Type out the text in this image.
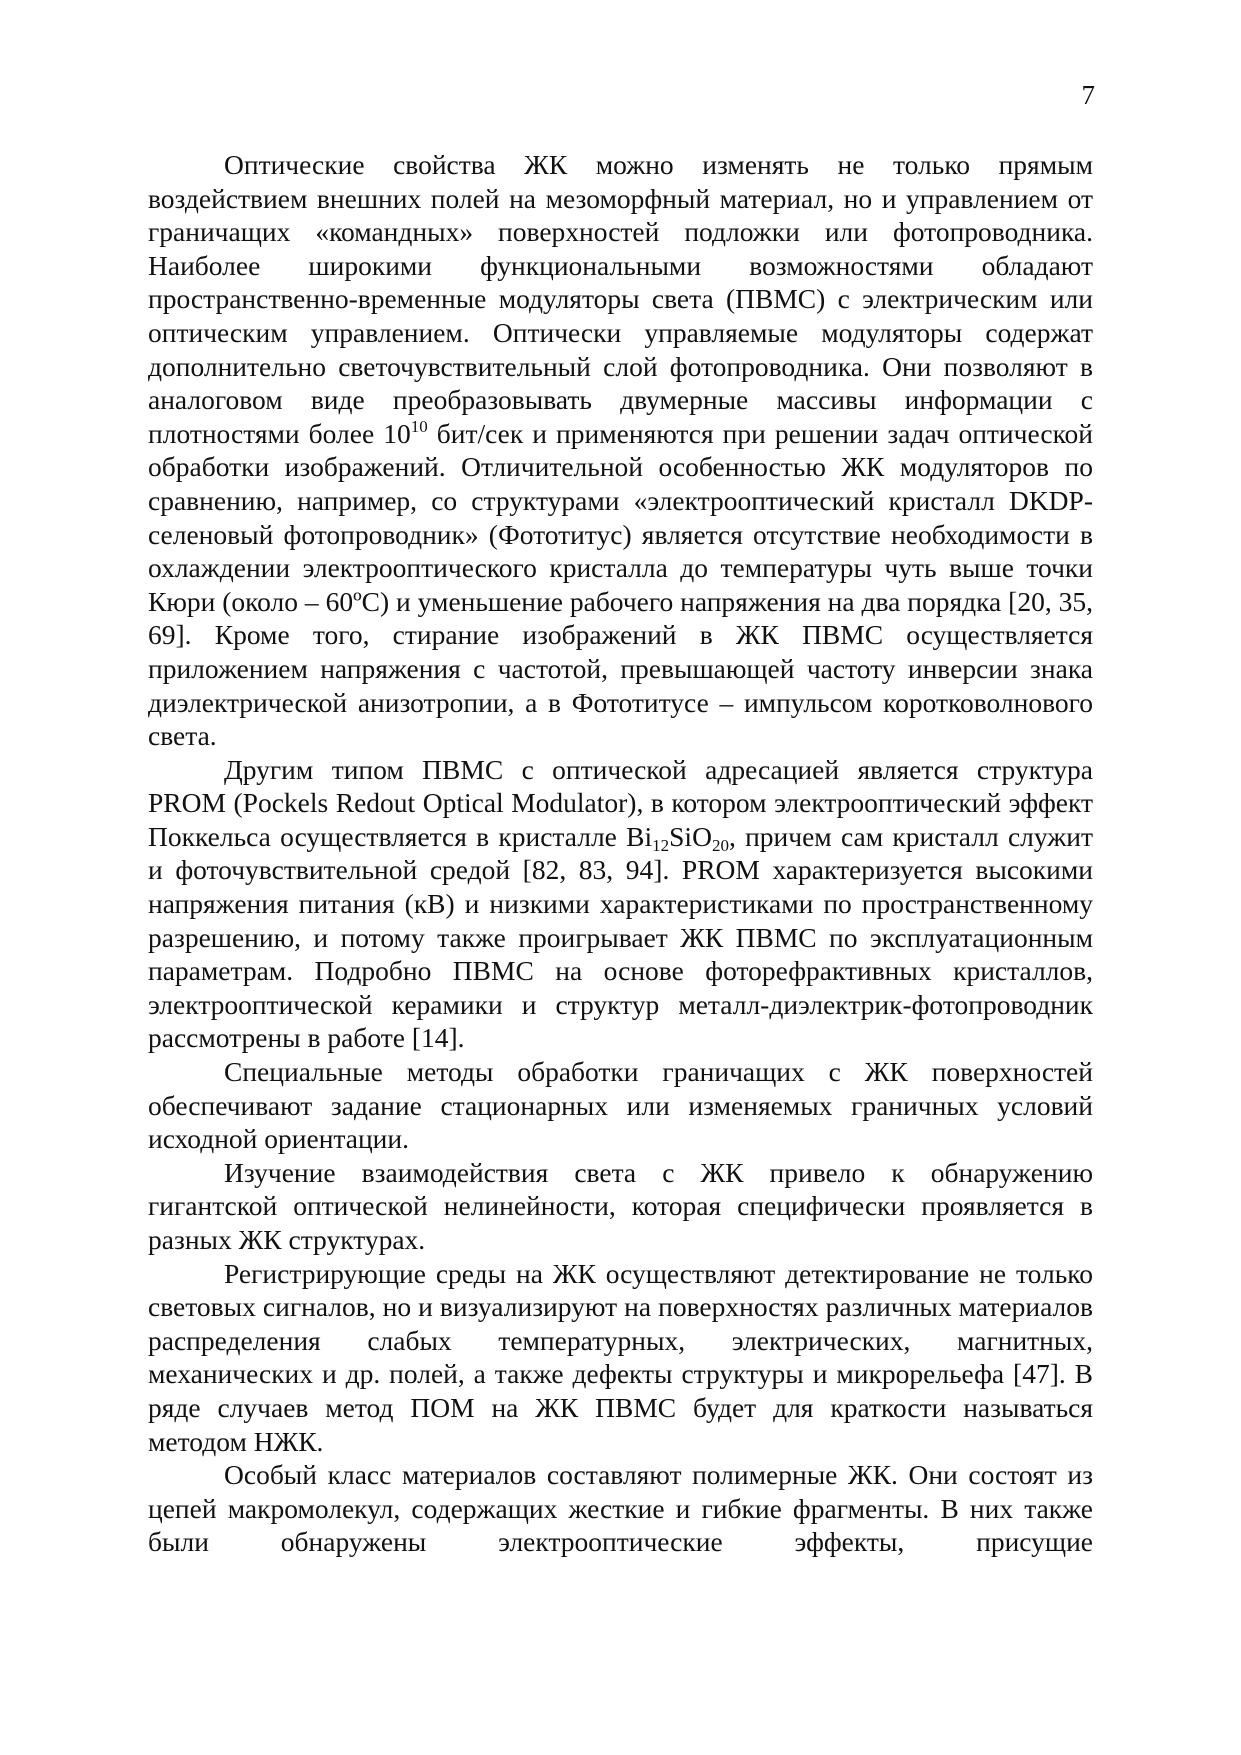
7

Оптические свойства ЖК можно изменять не только прямым воздействием внешних полей на мезоморфный материал, но и управлением от граничащих «командных» поверхностей подложки или фотопроводника. Наиболее широкими функциональными возможностями обладают пространственно-временные модуляторы света (ПВМС) с электрическим или оптическим управлением. Оптически управляемые модуляторы содержат дополнительно светочувствительный слой фотопроводника. Они позволяют в аналоговом виде преобразовывать двумерные массивы информации с плотностями более $10^{10}$ бит/сек и применяются при решении задач оптической обработки изображений. Отличительной особенностью ЖК модуляторов по сравнению, например, со структурами «электрооптический кристалл DKDP-селеновый фотопроводник» (Фототитус) является отсутствие необходимости в охлаждении электрооптического кристалла до температуры чуть выше точки Кюри (около – 60ºС) и уменьшение рабочего напряжения на два порядка [20, 35, 69]. Кроме того, стирание изображений в ЖК ПВМС осуществляется приложением напряжения с частотой, превышающей частоту инверсии знака диэлектрической анизотропии, а в Фототитусе – импульсом коротковолнового света.

Другим типом ПВМС с оптической адресацией является структура PROM (Pockels Redout Optical Modulator), в котором электрооптический эффект Поккельса осуществляется в кристалле $Bi_{12}SiO_{20}$, причем сам кристалл служит и фоточувствительной средой [82, 83, 94]. PROM характеризуется высокими напряжения питания (кВ) и низкими характеристиками по пространственному разрешению, и потому также проигрывает ЖК ПВМС по эксплуатационным параметрам. Подробно ПВМС на основе фоторефрактивных кристаллов, электрооптической керамики и структур металл-диэлектрик-фотопроводник рассмотрены в работе [14].

Специальные методы обработки граничащих с ЖК поверхностей обеспечивают задание стационарных или изменяемых граничных условий исходной ориентации.

Изучение взаимодействия света с ЖК привело к обнаружению гигантской оптической нелинейности, которая специфически проявляется в разных ЖК структурах.

Регистрирующие среды на ЖК осуществляют детектирование не только световых сигналов, но и визуализируют на поверхностях различных материалов распределения слабых температурных, электрических, магнитных, механических и др. полей, а также дефекты структуры и микрорельефа [47]. В ряде случаев метод ПОМ на ЖК ПВМС будет для краткости называться методом НЖК.

Особый класс материалов составляют полимерные ЖК. Они состоят из цепей макромолекул, содержащих жесткие и гибкие фрагменты. В них также были обнаружены электрооптические эффекты, присущие
